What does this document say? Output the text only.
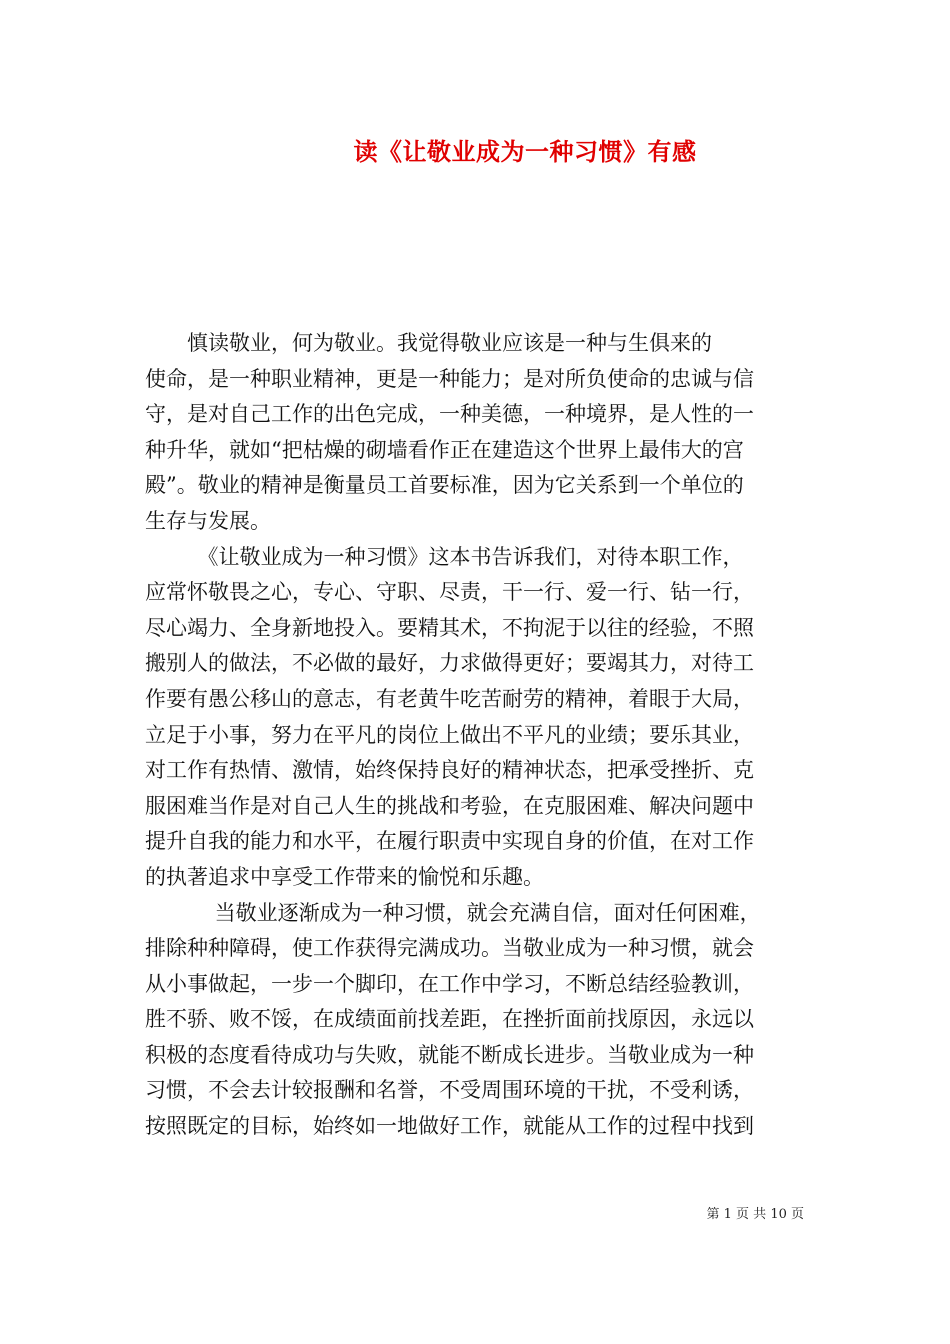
读《让敬业成为一种习惯》有感
　　慎读敬业，何为敬业。我觉得敬业应该是一种与生俱来的
使命，是一种职业精神，更是一种能力；是对所负使命的忠诚与信
守，是对自己工作的出色完成，一种美德，一种境界，是人性的一
种升华，就如“把枯燥的砌墙看作正在建造这个世界上最伟大的宫
殿”。敬业的精神是衡量员工首要标准，因为它关系到一个单位的
生存与发展。
　　　《让敬业成为一种习惯》这本书告诉我们，对待本职工作，
应常怀敬畏之心，专心、守职、尽责，干一行、爱一行、钻一行，
尽心竭力、全身新地投入。要精其术，不拘泥于以往的经验，不照
搬别人的做法，不必做的最好，力求做得更好；要竭其力，对待工
作要有愚公移山的意志，有老黄牛吃苦耐劳的精神，着眼于大局，
立足于小事，努力在平凡的岗位上做出不平凡的业绩；要乐其业，
对工作有热情、激情，始终保持良好的精神状态，把承受挫折、克
服困难当作是对自己人生的挑战和考验，在克服困难、解决问题中
提升自我的能力和水平，在履行职责中实现自身的价值，在对工作
的执著追求中享受工作带来的愉悦和乐趣。
　　　 当敬业逐渐成为一种习惯，就会充满自信，面对任何困难，
排除种种障碍，使工作获得完满成功。当敬业成为一种习惯，就会
从小事做起，一步一个脚印，在工作中学习，不断总结经验教训，
胜不骄、败不馁，在成绩面前找差距，在挫折面前找原因，永远以
积极的态度看待成功与失败，就能不断成长进步。当敬业成为一种
习惯，不会去计较报酬和名誉，不受周围环境的干扰，不受利诱，
按照既定的目标，始终如一地做好工作，就能从工作的过程中找到
第 1 页 共 10 页
